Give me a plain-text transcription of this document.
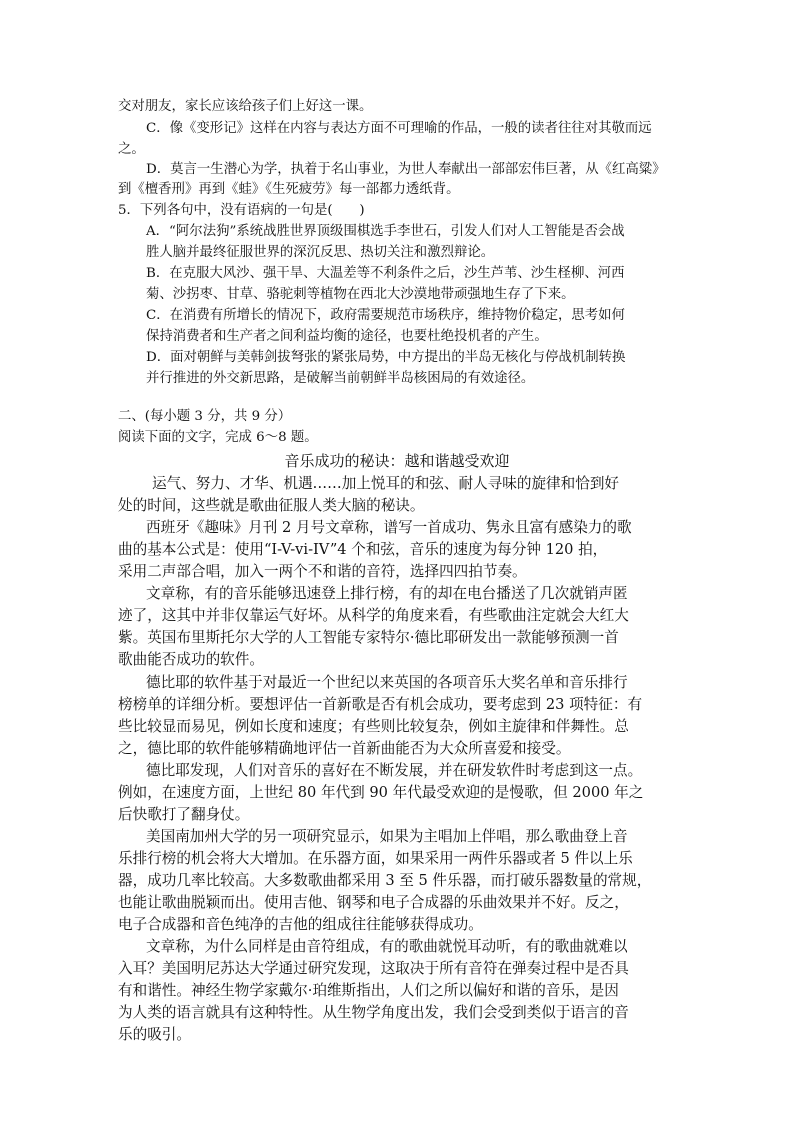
交对朋友，家长应该给孩子们上好这一课。
C．像《变形记》这样在内容与表达方面不可理喻的作品，一般的读者往往对其敬而远
之。
D．莫言一生潜心为学，执着于名山事业，为世人奉献出一部部宏伟巨著，从《红高粱》
到《檀香刑》再到《蛙》《生死疲劳》每一部都力透纸背。
5．下列各句中，没有语病的一句是(　　)
A．“阿尔法狗”系统战胜世界顶级围棋选手李世石，引发人们对人工智能是否会战
胜人脑并最终征服世界的深沉反思、热切关注和激烈辩论。
B．在克服大风沙、强干旱、大温差等不利条件之后，沙生芦苇、沙生柽柳、河西
菊、沙拐枣、甘草、骆驼刺等植物在西北大沙漠地带顽强地生存了下来。
C．在消费有所增长的情况下，政府需要规范市场秩序，维持物价稳定，思考如何
保持消费者和生产者之间利益均衡的途径，也要杜绝投机者的产生。
D．面对朝鲜与美韩剑拔弩张的紧张局势，中方提出的半岛无核化与停战机制转换
并行推进的外交新思路，是破解当前朝鲜半岛核困局的有效途径。
二、(每小题 3 分，共 9 分）
阅读下面的文字，完成 6～8 题。
音乐成功的秘诀：越和谐越受欢迎
运气、努力、才华、机遇……加上悦耳的和弦、耐人寻味的旋律和恰到好
处的时间，这些就是歌曲征服人类大脑的秘诀。
西班牙《趣味》月刊 2 月号文章称，谱写一首成功、隽永且富有感染力的歌
曲的基本公式是：使用“I-V-vi-IV”4 个和弦，音乐的速度为每分钟 120 拍，
采用二声部合唱，加入一两个不和谐的音符，选择四四拍节奏。
文章称，有的音乐能够迅速登上排行榜，有的却在电台播送了几次就销声匿
迹了，这其中并非仅靠运气好坏。从科学的角度来看，有些歌曲注定就会大红大
紫。英国布里斯托尔大学的人工智能专家特尔·德比耶研发出一款能够预测一首
歌曲能否成功的软件。
德比耶的软件基于对最近一个世纪以来英国的各项音乐大奖名单和音乐排行
榜榜单的详细分析。要想评估一首新歌是否有机会成功，要考虑到 23 项特征：有
些比较显而易见，例如长度和速度；有些则比较复杂，例如主旋律和伴舞性。总
之，德比耶的软件能够精确地评估一首新曲能否为大众所喜爱和接受。
德比耶发现，人们对音乐的喜好在不断发展，并在研发软件时考虑到这一点。
例如，在速度方面，上世纪 80 年代到 90 年代最受欢迎的是慢歌，但 2000 年之
后快歌打了翻身仗。
美国南加州大学的另一项研究显示，如果为主唱加上伴唱，那么歌曲登上音
乐排行榜的机会将大大增加。在乐器方面，如果采用一两件乐器或者 5 件以上乐
器，成功几率比较高。大多数歌曲都采用 3 至 5 件乐器，而打破乐器数量的常规，
也能让歌曲脱颖而出。使用吉他、钢琴和电子合成器的乐曲效果并不好。反之，
电子合成器和音色纯净的吉他的组成往往能够获得成功。
文章称，为什么同样是由音符组成，有的歌曲就悦耳动听，有的歌曲就难以
入耳？美国明尼苏达大学通过研究发现，这取决于所有音符在弹奏过程中是否具
有和谐性。神经生物学家戴尔·珀维斯指出，人们之所以偏好和谐的音乐，是因
为人类的语言就具有这种特性。从生物学角度出发，我们会受到类似于语言的音
乐的吸引。
